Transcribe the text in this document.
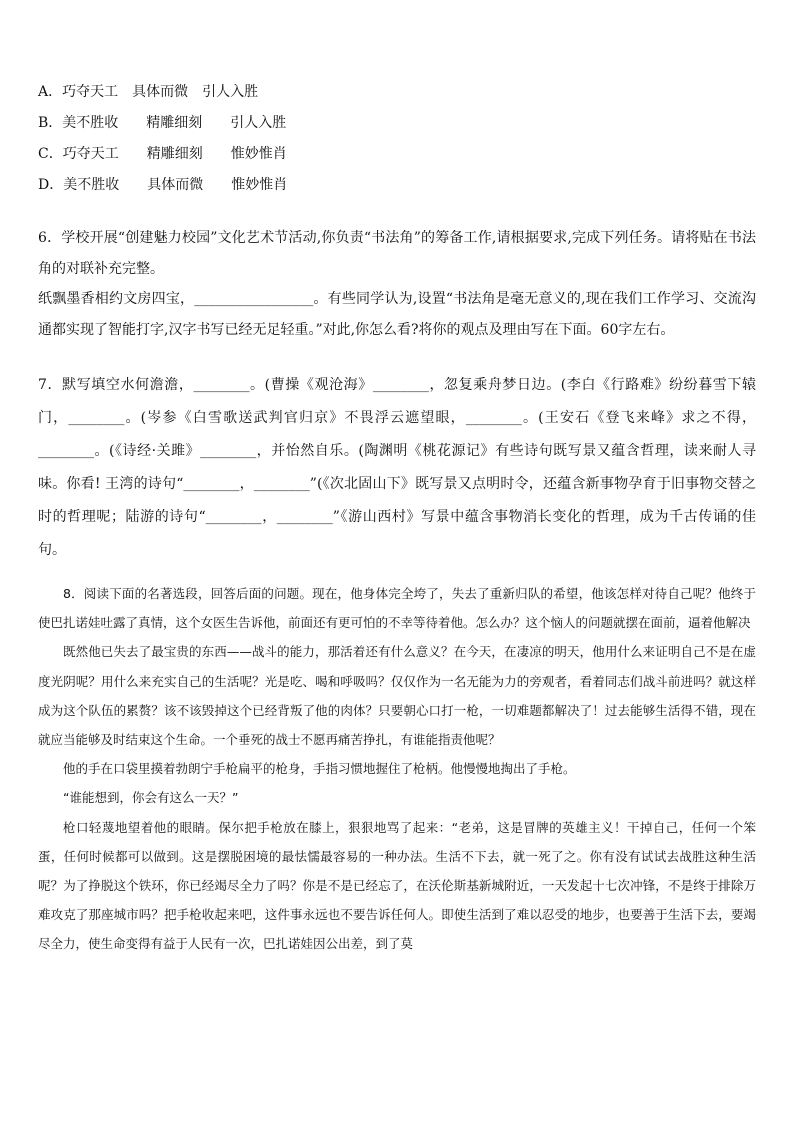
A．巧夺天工　具体而微　引人入胜
B．美不胜收　　精雕细刻　　引人入胜
C．巧夺天工　　精雕细刻　　惟妙惟肖
D．美不胜收　　具体而微　　惟妙惟肖
6．学校开展“创建魅力校园”文化艺术节活动,你负责“书法角”的筹备工作,请根据要求,完成下列任务。请将贴在书法角的对联补充完整。
纸飘墨香相约文房四宝，_________________。有些同学认为,设置“书法角是毫无意义的,现在我们工作学习、交流沟通都实现了智能打字,汉字书写已经无足轻重。”对此,你怎么看?将你的观点及理由写在下面。60字左右。
7．默写填空水何澹澹，________。(曹操《观沧海》________，忽复乘舟梦日边。(李白《行路难》纷纷暮雪下辕门，________。(岑参《白雪歌送武判官归京》不畏浮云遮望眼，________。(王安石《登飞来峰》求之不得，________。(《诗经·关雎》________，并怡然自乐。(陶渊明《桃花源记》有些诗句既写景又蕴含哲理，读来耐人寻味。你看! 王湾的诗句“________，________”(《次北固山下》既写景又点明时令，还蕴含新事物孕育于旧事物交替之时的哲理呢；陆游的诗句“________，________”《游山西村》写景中蕴含事物消长变化的哲理，成为千古传诵的佳句。

8．阅读下面的名著选段，回答后面的问题。现在，他身体完全垮了，失去了重新归队的希望，他该怎样对待自己呢？他终于使巴扎诺娃吐露了真情，这个女医生告诉他，前面还有更可怕的不幸等待着他。怎么办？这个恼人的问题就摆在面前，逼着他解决

既然他已失去了最宝贵的东西——战斗的能力，那活着还有什么意义？在今天，在凄凉的明天，他用什么来证明自己不是在虚度光阴呢？用什么来充实自己的生活呢？光是吃、喝和呼吸吗？仅仅作为一名无能为力的旁观者，看着同志们战斗前进吗？就这样成为这个队伍的累赘？该不该毁掉这个已经背叛了他的肉体？只要朝心口打一枪，一切难题都解决了！过去能够生活得不错，现在就应当能够及时结束这个生命。一个垂死的战士不愿再痛苦挣扎，有谁能指责他呢？

他的手在口袋里摸着勃朗宁手枪扁平的枪身，手指习惯地握住了枪柄。他慢慢地掏出了手枪。

“谁能想到，你会有这么一天？”

枪口轻蔑地望着他的眼睛。保尔把手枪放在膝上，狠狠地骂了起来：“老弟，这是冒牌的英雄主义！干掉自己，任何一个笨蛋，任何时候都可以做到。这是摆脱困境的最怯懦最容易的一种办法。生活不下去，就一死了之。你有没有试试去战胜这种生活呢？为了挣脱这个铁环，你已经竭尽全力了吗？你是不是已经忘了，在沃伦斯基新城附近，一天发起十七次冲锋，不是终于排除万难攻克了那座城市吗？把手枪收起来吧，这件事永远也不要告诉任何人。即使生活到了难以忍受的地步，也要善于生活下去，要竭尽全力，使生命变得有益于人民有一次，巴扎诺娃因公出差，到了莫
